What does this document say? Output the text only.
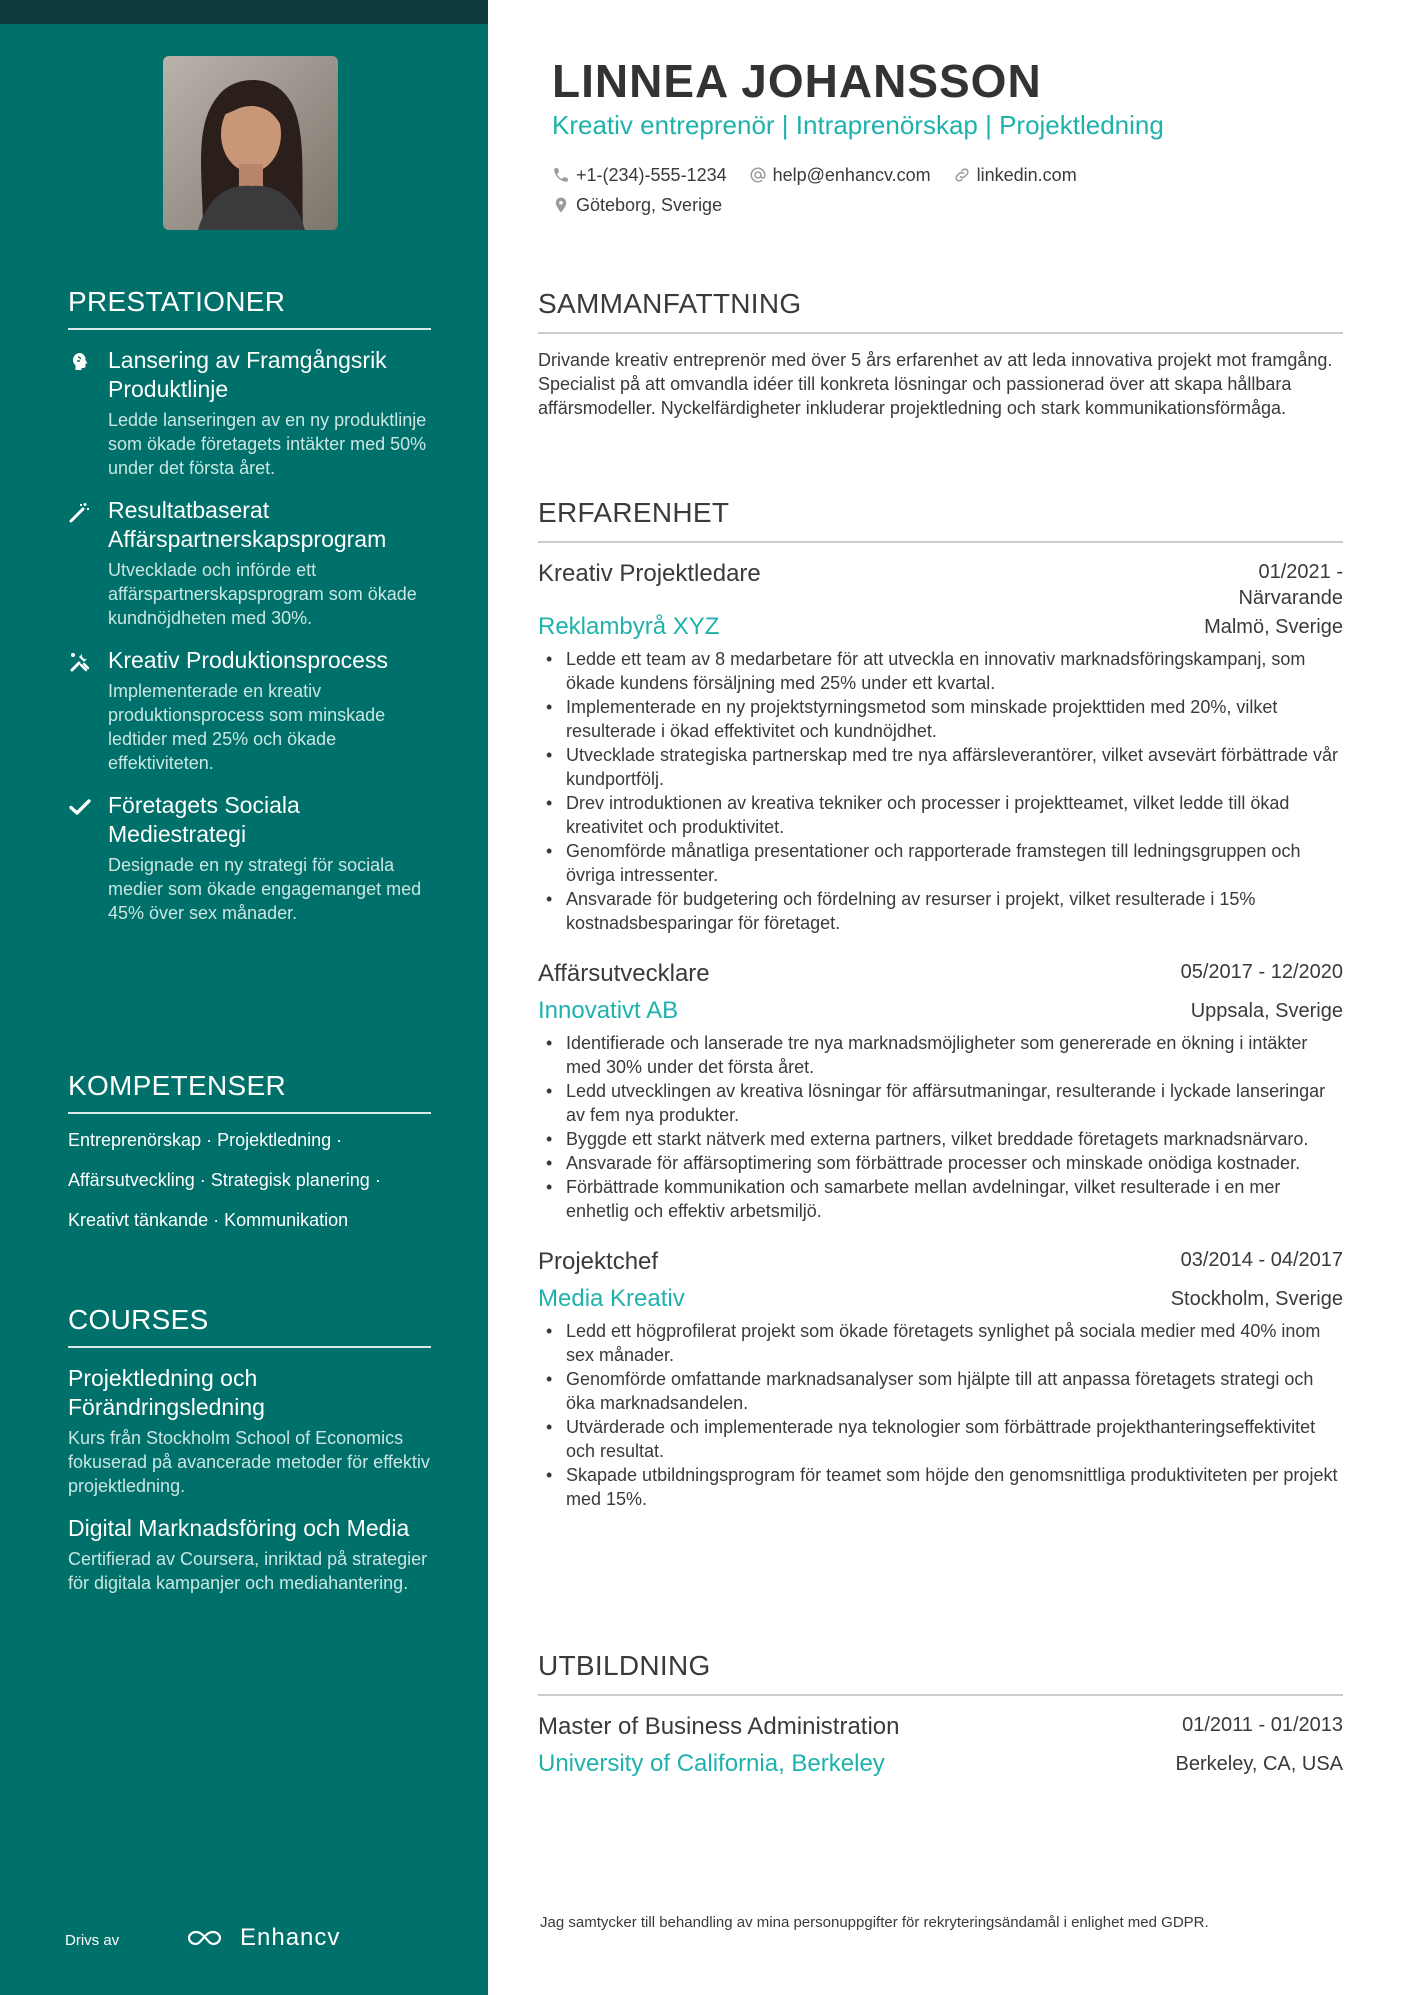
PRESTATIONER
Lansering av Framgångsrik Produktlinje
Ledde lanseringen av en ny produktlinje som ökade företagets intäkter med 50% under det första året.
Resultatbaserat Affärspartnerskapsprogram
Utvecklade och införde ett affärspartnerskapsprogram som ökade kundnöjdheten med 30%.
Kreativ Produktionsprocess
Implementerade en kreativ produktionsprocess som minskade ledtider med 25% och ökade effektiviteten.
Företagets Sociala Mediestrategi
Designade en ny strategi för sociala medier som ökade engagemanget med 45% över sex månader.
KOMPETENSER
Entreprenörskap · Projektledning ·
Affärsutveckling · Strategisk planering ·
Kreativt tänkande · Kommunikation
COURSES
Projektledning och Förändringsledning
Kurs från Stockholm School of Economics fokuserad på avancerade metoder för effektiv projektledning.
Digital Marknadsföring och Media
Certifierad av Coursera, inriktad på strategier för digitala kampanjer och mediahantering.
Drivs av	Enhancv
LINNEA JOHANSSON
Kreativ entreprenör | Intraprenörskap | Projektledning
+1-(234)-555-1234	help@enhancv.com	linkedin.com
Göteborg, Sverige
SAMMANFATTNING
Drivande kreativ entreprenör med över 5 års erfarenhet av att leda innovativa projekt mot framgång. Specialist på att omvandla idéer till konkreta lösningar och passionerad över att skapa hållbara affärsmodeller. Nyckelfärdigheter inkluderar projektledning och stark kommunikationsförmåga.
ERFARENHET
Kreativ Projektledare	01/2021 - Närvarande
Reklambyrå XYZ	Malmö, Sverige
• Ledde ett team av 8 medarbetare för att utveckla en innovativ marknadsföringskampanj, som ökade kundens försäljning med 25% under ett kvartal.
• Implementerade en ny projektstyrningsmetod som minskade projekttiden med 20%, vilket resulterade i ökad effektivitet och kundnöjdhet.
• Utvecklade strategiska partnerskap med tre nya affärsleverantörer, vilket avsevärt förbättrade vår kundportfölj.
• Drev introduktionen av kreativa tekniker och processer i projektteamet, vilket ledde till ökad kreativitet och produktivitet.
• Genomförde månatliga presentationer och rapporterade framstegen till ledningsgruppen och övriga intressenter.
• Ansvarade för budgetering och fördelning av resurser i projekt, vilket resulterade i 15% kostnadsbesparingar för företaget.
Affärsutvecklare	05/2017 - 12/2020
Innovativt AB	Uppsala, Sverige
• Identifierade och lanserade tre nya marknadsmöjligheter som genererade en ökning i intäkter med 30% under det första året.
• Ledd utvecklingen av kreativa lösningar för affärsutmaningar, resulterande i lyckade lanseringar av fem nya produkter.
• Byggde ett starkt nätverk med externa partners, vilket breddade företagets marknadsnärvaro.
• Ansvarade för affärsoptimering som förbättrade processer och minskade onödiga kostnader.
• Förbättrade kommunikation och samarbete mellan avdelningar, vilket resulterade i en mer enhetlig och effektiv arbetsmiljö.
Projektchef	03/2014 - 04/2017
Media Kreativ	Stockholm, Sverige
• Ledd ett högprofilerat projekt som ökade företagets synlighet på sociala medier med 40% inom sex månader.
• Genomförde omfattande marknadsanalyser som hjälpte till att anpassa företagets strategi och öka marknadsandelen.
• Utvärderade och implementerade nya teknologier som förbättrade projekthanteringseffektivitet och resultat.
• Skapade utbildningsprogram för teamet som höjde den genomsnittliga produktiviteten per projekt med 15%.
UTBILDNING
Master of Business Administration	01/2011 - 01/2013
University of California, Berkeley	Berkeley, CA, USA
Jag samtycker till behandling av mina personuppgifter för rekryteringsändamål i enlighet med GDPR.
